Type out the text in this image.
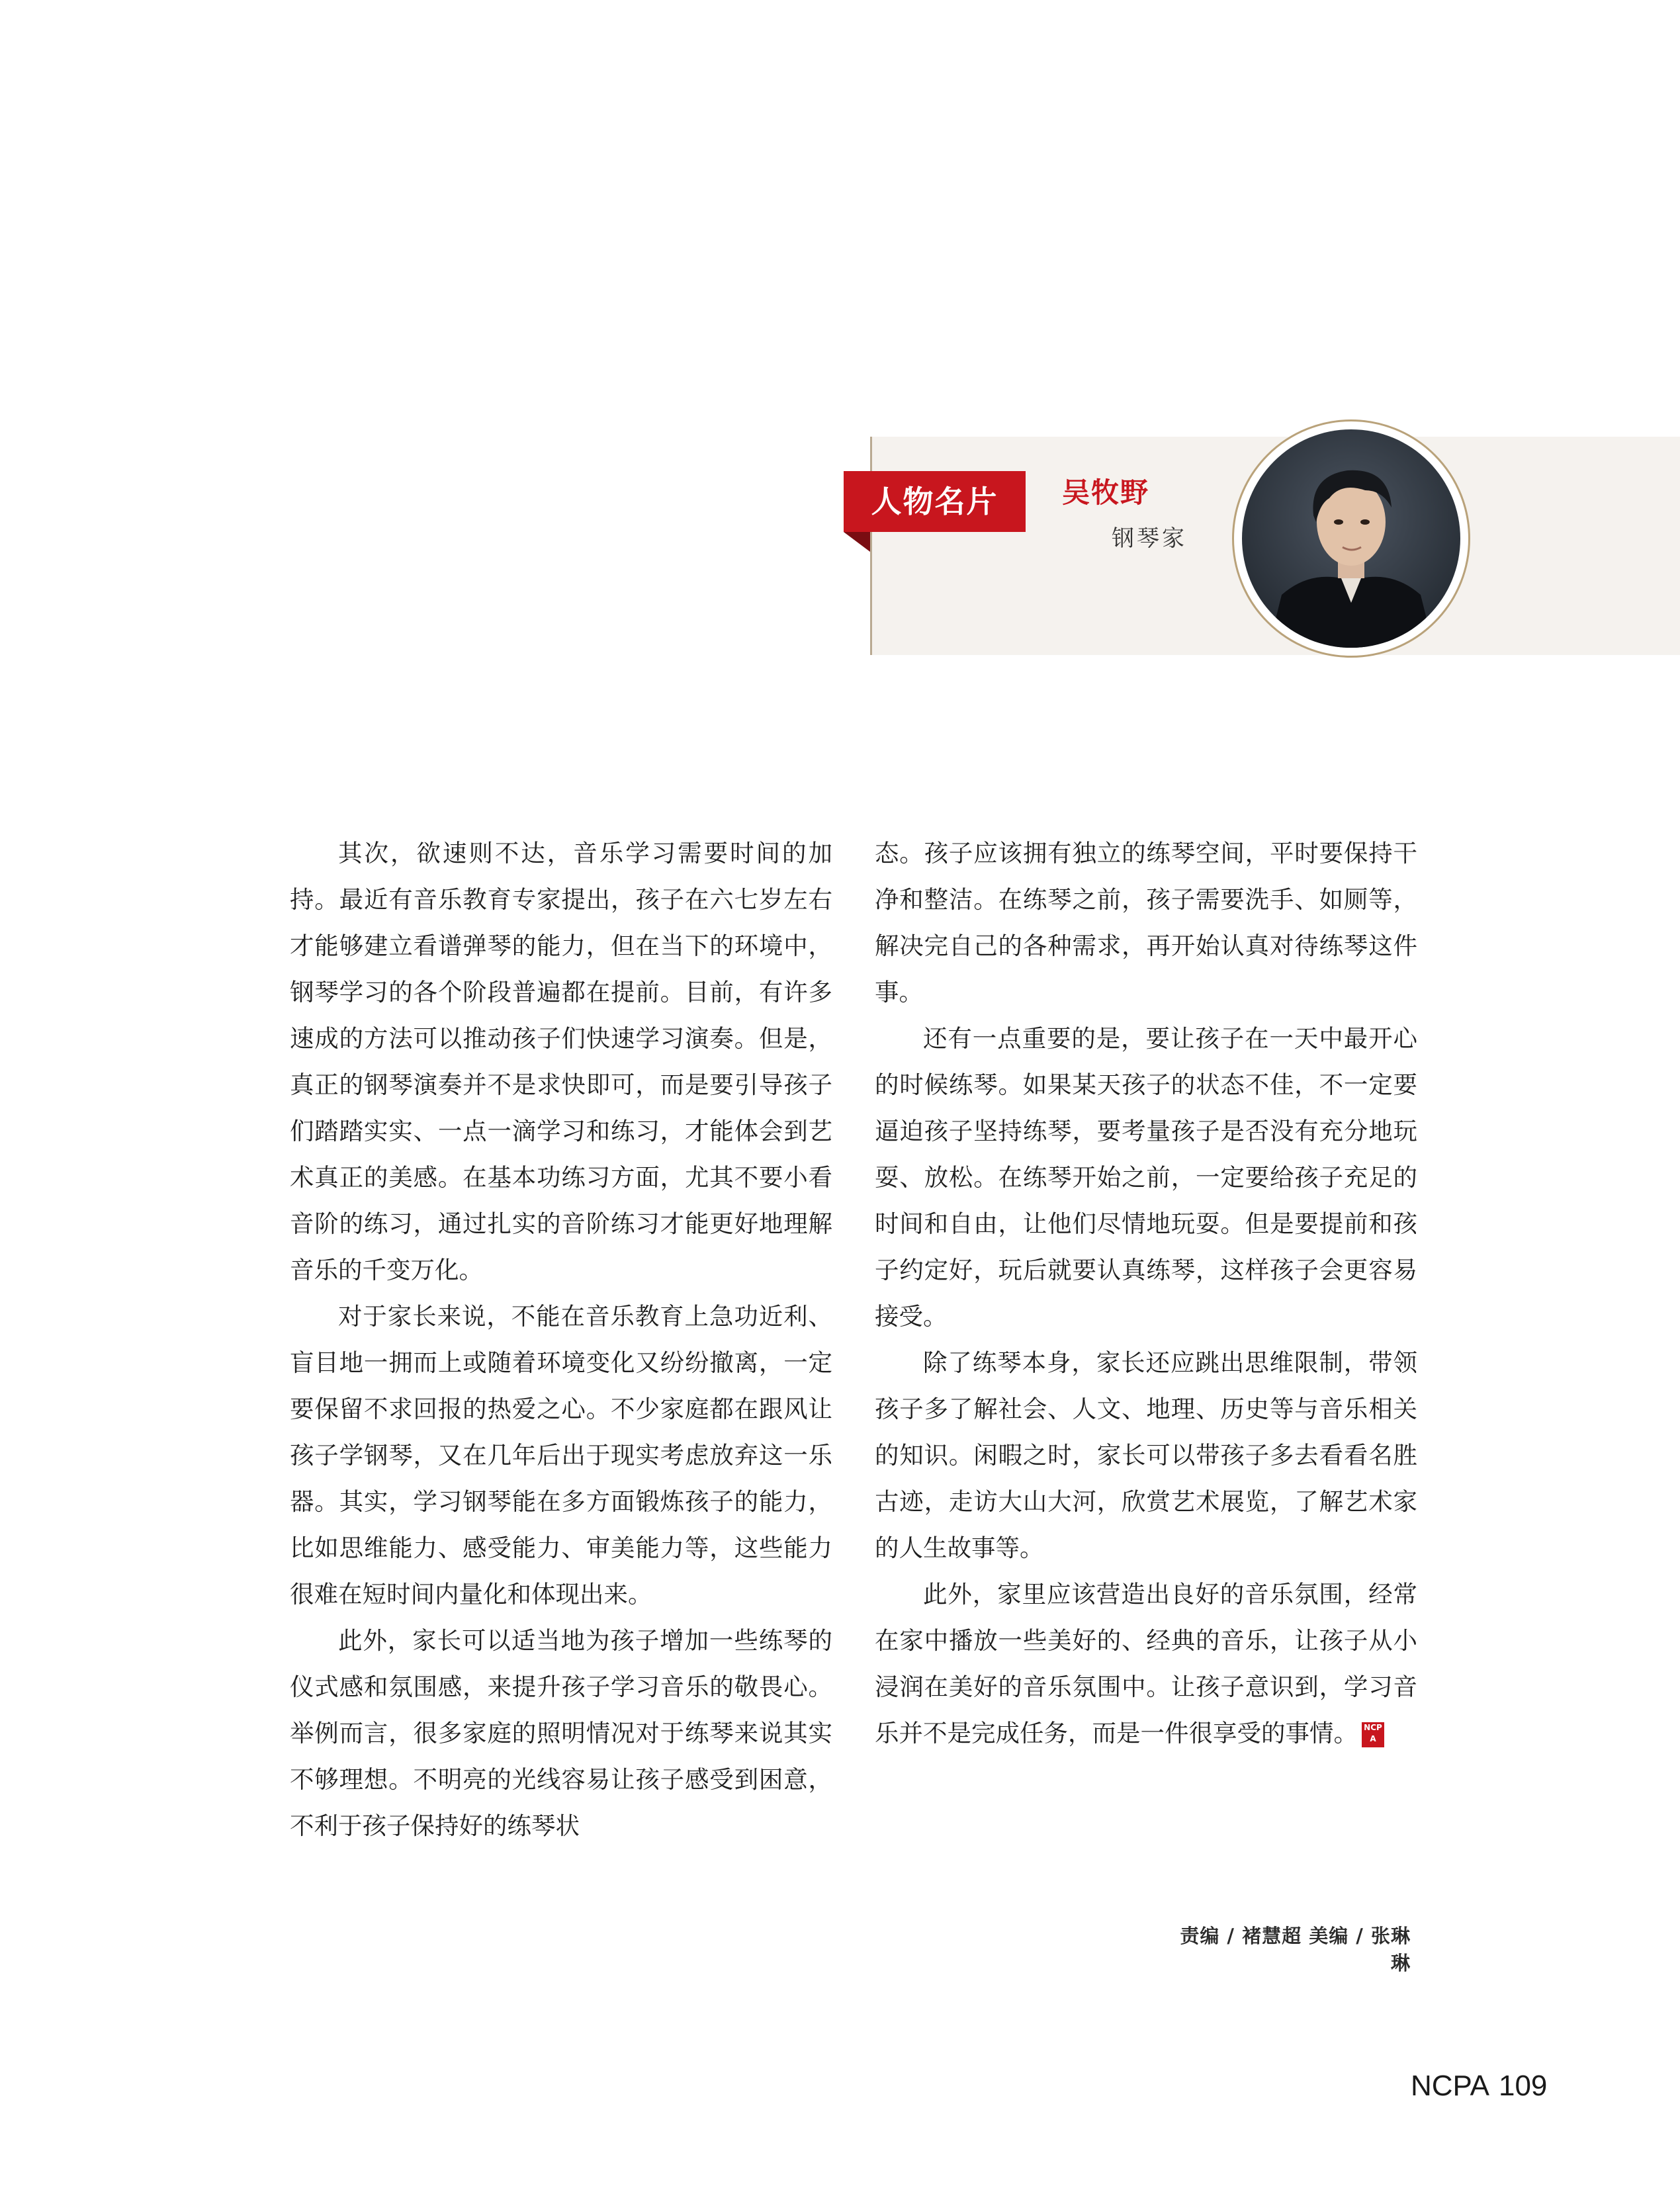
人物名片	吴牧野
钢琴家

其次，欲速则不达，音乐学习需要时间的加持。最近有音乐教育专家提出，孩子在六七岁左右才能够建立看谱弹琴的能力，但在当下的环境中，钢琴学习的各个阶段普遍都在提前。目前，有许多速成的方法可以推动孩子们快速学习演奏。但是，真正的钢琴演奏并不是求快即可，而是要引导孩子们踏踏实实、一点一滴学习和练习，才能体会到艺术真正的美感。在基本功练习方面，尤其不要小看音阶的练习，通过扎实的音阶练习才能更好地理解音乐的千变万化。

对于家长来说，不能在音乐教育上急功近利、盲目地一拥而上或随着环境变化又纷纷撤离，一定要保留不求回报的热爱之心。不少家庭都在跟风让孩子学钢琴，又在几年后出于现实考虑放弃这一乐器。其实，学习钢琴能在多方面锻炼孩子的能力，比如思维能力、感受能力、审美能力等，这些能力很难在短时间内量化和体现出来。

此外，家长可以适当地为孩子增加一些练琴的仪式感和氛围感，来提升孩子学习音乐的敬畏心。举例而言，很多家庭的照明情况对于练琴来说其实不够理想。不明亮的光线容易让孩子感受到困意，不利于孩子保持好的练琴状

态。孩子应该拥有独立的练琴空间，平时要保持干净和整洁。在练琴之前，孩子需要洗手、如厕等，解决完自己的各种需求，再开始认真对待练琴这件事。

还有一点重要的是，要让孩子在一天中最开心的时候练琴。如果某天孩子的状态不佳，不一定要逼迫孩子坚持练琴，要考量孩子是否没有充分地玩耍、放松。在练琴开始之前，一定要给孩子充足的时间和自由，让他们尽情地玩耍。但是要提前和孩子约定好，玩后就要认真练琴，这样孩子会更容易接受。

除了练琴本身，家长还应跳出思维限制，带领孩子多了解社会、人文、地理、历史等与音乐相关的知识。闲暇之时，家长可以带孩子多去看看名胜古迹，走访大山大河，欣赏艺术展览，了解艺术家的人生故事等。

此外，家里应该营造出良好的音乐氛围，经常在家中播放一些美好的、经典的音乐，让孩子从小浸润在美好的音乐氛围中。让孩子意识到，学习音乐并不是完成任务，而是一件很享受的事情。 NCPA

责编 / 褚慧超 美编 / 张琳琳
NCPA 109
